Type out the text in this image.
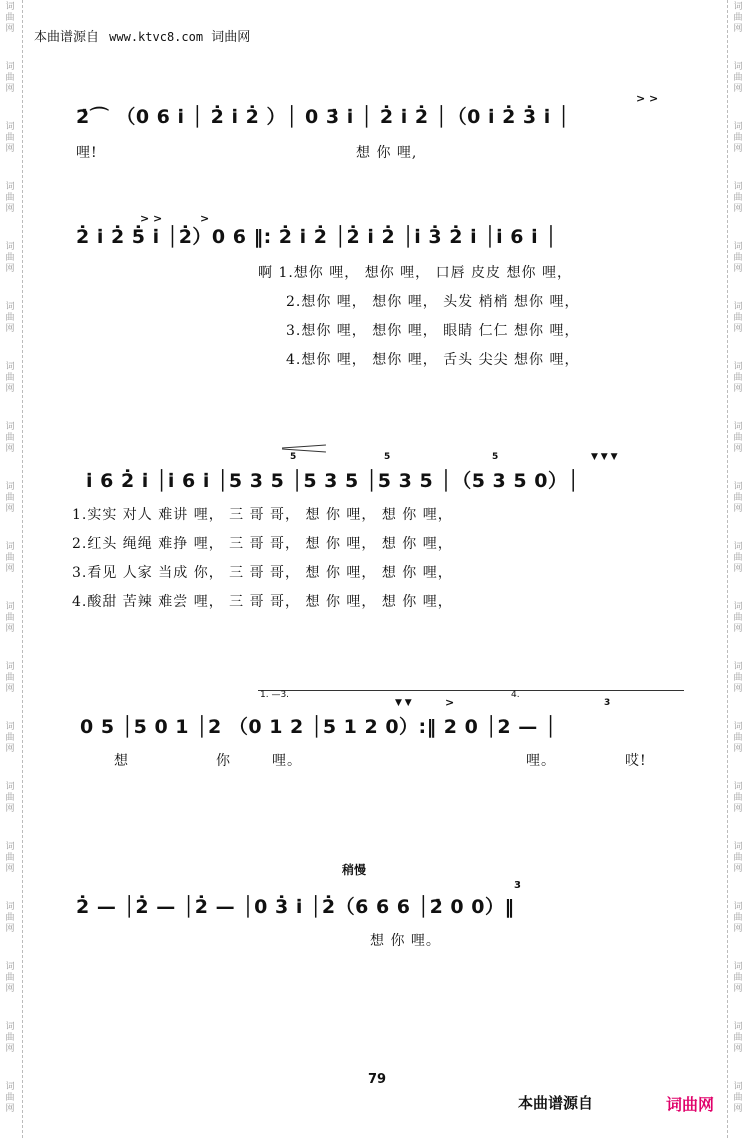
词曲网
词曲网
词曲网
词曲网
词曲网
词曲网
词曲网
词曲网
词曲网
词曲网
词曲网
词曲网
词曲网
词曲网
词曲网
词曲网
词曲网
词曲网
词曲网
词曲网
词曲网
词曲网
词曲网
词曲网
词曲网
词曲网
词曲网
词曲网
词曲网
词曲网
词曲网
词曲网
词曲网
词曲网
词曲网
词曲网
词曲网
词曲网
本曲谱源自 www.ktvc8.com 词曲网
2̇⌒ （0 6 i̇ │ 2̇ i̇ 2̇ ）│ 0 3̇ i̇ │ 2̇ i̇ 2̇ │（0 i̇ 2̇ 3̇ i̇ │
> >
哩!	想 你 哩,
2̇ i̇ 2̇ 5̇ i̇ │2̇）0 6 ‖: 2̇ i̇ 2̇ │2̇ i̇ 2̇ │i̇ 3̇ 2̇ i̇ │i̇ 6 i̇ │
> >	>
啊 1.想你 哩， 想你 哩， 口唇 皮皮 想你 哩，
2.想你 哩， 想你 哩， 头发 梢梢 想你 哩，
3.想你 哩， 想你 哩， 眼睛 仁仁 想你 哩，
4.想你 哩， 想你 哩， 舌头 尖尖 想你 哩，
i̇ 6 2̇ i̇ │i̇ 6 i̇ │5 3 5 │5 3 5 │5 3 5 │（5 3 5 0）│
5	5	5	▼ ▼ ▼
1.实实 对人 难讲 哩， 三 哥 哥， 想 你 哩， 想 你 哩，
2.红头 绳绳 难挣 哩， 三 哥 哥， 想 你 哩， 想 你 哩，
3.看见 人家 当成 你， 三 哥 哥， 想 你 哩， 想 你 哩，
4.酸甜 苦辣 难尝 哩， 三 哥 哥， 想 你 哩， 想 你 哩，
1. —3.	4.
▼ ▼	>	3
0 5 │5 0 1 │2 （0 1 2 │5 1 2 0）:‖ 2 0 │2 — │
想	你	哩。	哩。	哎!
稍慢
3
2̇ — │2̇ — │2̇ — │0 3̇ i̇ │2̇（6 6 6 │2̇ 0 0）‖
想 你 哩。
79
本曲谱源自	词曲网
